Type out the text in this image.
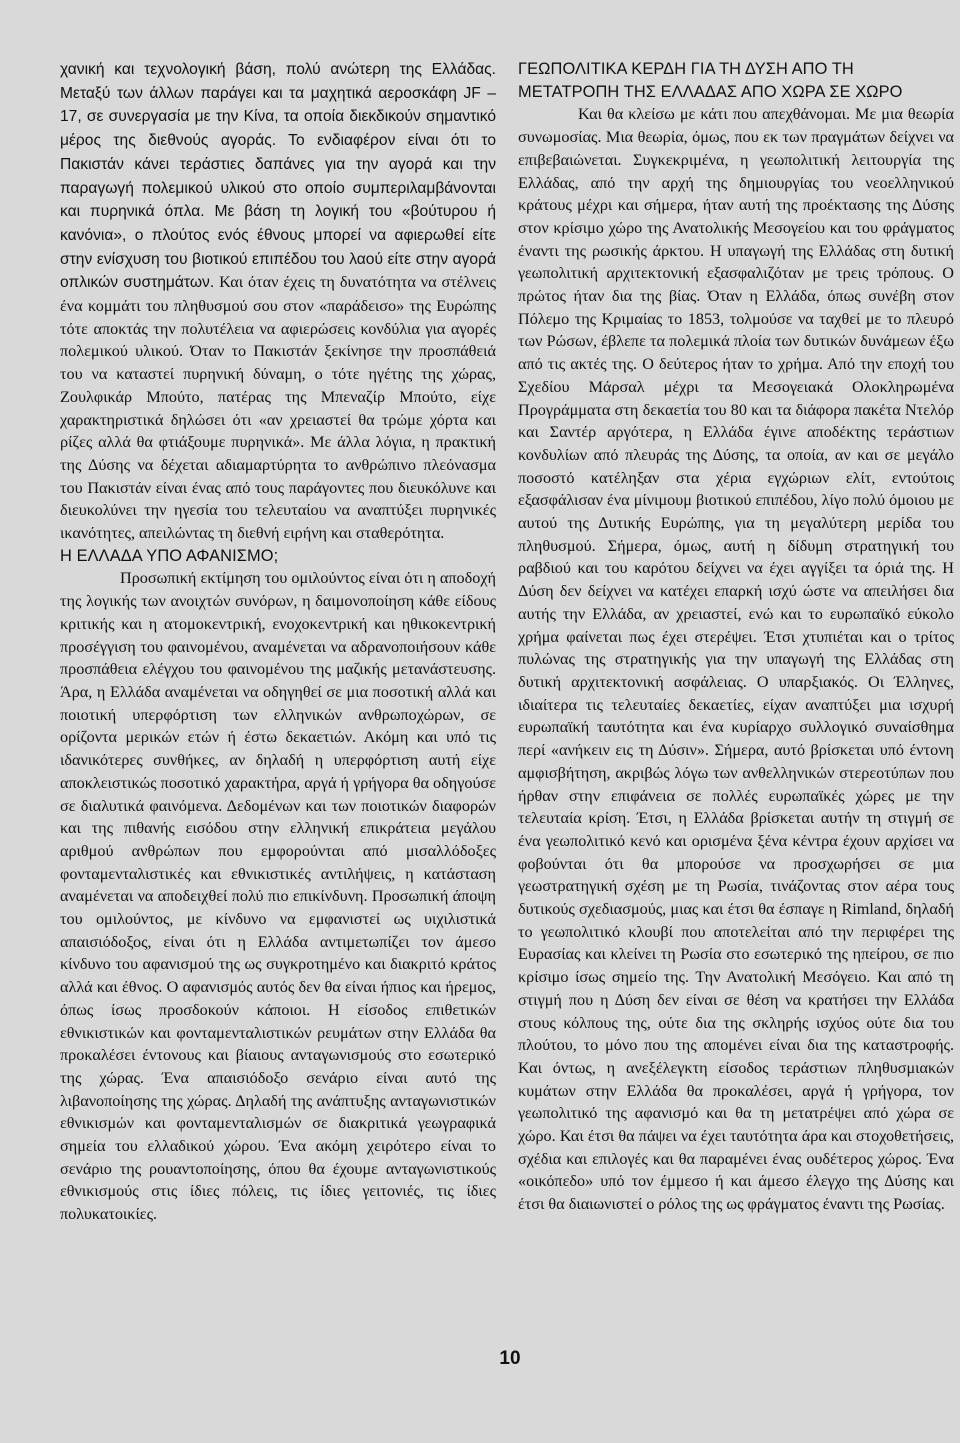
χανική και τεχνολογική βάση, πολύ ανώτερη της Ελλάδας. Μεταξύ των άλλων παράγει και τα μαχητικά αεροσκάφη JF – 17, σε συνεργασία με την Κίνα, τα οποία διεκδικούν σημαντικό μέρος της διεθνούς αγοράς. Το ενδιαφέρον είναι ότι το Πακιστάν κάνει τεράστιες δαπάνες για την αγορά και την παραγωγή πολεμικού υλικού στο οποίο συμπεριλαμβάνονται και πυρηνικά όπλα. Με βάση τη λογική του «βούτυρου ή κανόνια», ο πλούτος ενός έθνους μπορεί να αφιερωθεί είτε στην ενίσχυση του βιοτικού επιπέδου του λαού είτε στην αγορά οπλικών συστημάτων. Και όταν έχεις τη δυνατότητα να στέλνεις ένα κομμάτι του πληθυσμού σου στον «παράδεισο» της Ευρώπης τότε αποκτάς την πολυτέλεια να αφιερώσεις κονδύλια για αγορές πολεμικού υλικού. Όταν το Πακιστάν ξεκίνησε την προσπάθειά του να καταστεί πυρηνική δύναμη, ο τότε ηγέτης της χώρας, Ζουλφικάρ Μπούτο, πατέρας της Μπεναζίρ Μπούτο, είχε χαρακτηριστικά δηλώσει ότι «αν χρειαστεί θα τρώμε χόρτα και ρίζες αλλά θα φτιάξουμε πυρηνικά». Με άλλα λόγια, η πρακτική της Δύσης να δέχεται αδιαμαρτύρητα το ανθρώπινο πλεόνασμα του Πακιστάν είναι ένας από τους παράγοντες που διευκόλυνε και διευκολύνει την ηγεσία του τελευταίου να αναπτύξει πυρηνικές ικανότητες, απειλώντας τη διεθνή ειρήνη και σταθερότητα.

Η ΕΛΛΑΔΑ ΥΠΟ ΑΦΑΝΙΣΜΟ;

Προσωπική εκτίμηση του ομιλούντος είναι ότι η αποδοχή της λογικής των ανοιχτών συνόρων, η δαιμονοποίηση κάθε είδους κριτικής και η ατομοκεντρική, ενοχοκεντρική και ηθικοκεντρική προσέγγιση του φαινομένου, αναμένεται να αδρανοποιήσουν κάθε προσπάθεια ελέγχου του φαινομένου της μαζικής μετανάστευσης. Άρα, η Ελλάδα αναμένεται να οδηγηθεί σε μια ποσοτική αλλά και ποιοτική υπερφόρτιση των ελληνικών ανθρωποχώρων, σε ορίζοντα μερικών ετών ή έστω δεκαετιών. Ακόμη και υπό τις ιδανικότερες συνθήκες, αν δηλαδή η υπερφόρτιση αυτή είχε αποκλειστικώς ποσοτικό χαρακτήρα, αργά ή γρήγορα θα οδηγούσε σε διαλυτικά φαινόμενα. Δεδομένων και των ποιοτικών διαφορών και της πιθανής εισόδου στην ελληνική επικράτεια μεγάλου αριθμού ανθρώπων που εμφορούνται από μισαλλόδοξες φονταμενταλιστικές και εθνικιστικές αντιλήψεις, η κατάσταση αναμένεται να αποδειχθεί πολύ πιο επικίνδυνη. Προσωπική άποψη του ομιλούντος, με κίνδυνο να εμφανιστεί ως υιχιλιστικά απαισιόδοξος, είναι ότι η Ελλάδα αντιμετωπίζει τον άμεσο κίνδυνο του αφανισμού της ως συγκροτημένο και διακριτό κράτος αλλά και έθνος. Ο αφανισμός αυτός δεν θα είναι ήπιος και ήρεμος, όπως ίσως προσδοκούν κάποιοι. Η είσοδος επιθετικών εθνικιστικών και φονταμενταλιστικών ρευμάτων στην Ελλάδα θα προκαλέσει έντονους και βίαιους ανταγωνισμούς στο εσωτερικό της χώρας. Ένα απαισιόδοξο σενάριο είναι αυτό της λιβανοποίησης της χώρας. Δηλαδή της ανάπτυξης ανταγωνιστικών εθνικισμών και φονταμενταλισμών σε διακριτικά γεωγραφικά σημεία του ελλαδικού χώρου. Ένα ακόμη χειρότερο είναι το σενάριο της ρουαντοποίησης, όπου θα έχουμε ανταγωνιστικούς εθνικισμούς στις ίδιες πόλεις, τις ίδιες γειτονιές, τις ίδιες πολυκατοικίες.

ΓΕΩΠΟΛΙΤΙΚΑ ΚΕΡΔΗ ΓΙΑ ΤΗ ΔΥΣΗ ΑΠΟ ΤΗ ΜΕΤΑΤΡΟΠΗ ΤΗΣ ΕΛΛΑΔΑΣ ΑΠΟ ΧΩΡΑ ΣΕ ΧΩΡΟ

Και θα κλείσω με κάτι που απεχθάνομαι. Με μια θεωρία συνωμοσίας. Μια θεωρία, όμως, που εκ των πραγμάτων δείχνει να επιβεβαιώνεται. Συγκεκριμένα, η γεωπολιτική λειτουργία της Ελλάδας, από την αρχή της δημιουργίας του νεοελληνικού κράτους μέχρι και σήμερα, ήταν αυτή της προέκτασης της Δύσης στον κρίσιμο χώρο της Ανατολικής Μεσογείου και του φράγματος έναντι της ρωσικής άρκτου. Η υπαγωγή της Ελλάδας στη δυτική γεωπολιτική αρχιτεκτονική εξασφαλιζόταν με τρεις τρόπους. Ο πρώτος ήταν δια της βίας. Όταν η Ελλάδα, όπως συνέβη στον Πόλεμο της Κριμαίας το 1853, τολμούσε να ταχθεί με το πλευρό των Ρώσων, έβλεπε τα πολεμικά πλοία των δυτικών δυνάμεων έξω από τις ακτές της. Ο δεύτερος ήταν το χρήμα. Από την εποχή του Σχεδίου Μάρσαλ μέχρι τα Μεσογειακά Ολοκληρωμένα Προγράμματα στη δεκαετία του 80 και τα διάφορα πακέτα Ντελόρ και Σαντέρ αργότερα, η Ελλάδα έγινε αποδέκτης τεράστιων κονδυλίων από πλευράς της Δύσης, τα οποία, αν και σε μεγάλο ποσοστό κατέληξαν στα χέρια εγχώριων ελίτ, εντούτοις εξασφάλισαν ένα μίνιμουμ βιοτικού επιπέδου, λίγο πολύ όμοιου με αυτού της Δυτικής Ευρώπης, για τη μεγαλύτερη μερίδα του πληθυσμού. Σήμερα, όμως, αυτή η δίδυμη στρατηγική του ραβδιού και του καρότου δείχνει να έχει αγγίξει τα όριά της. Η Δύση δεν δείχνει να κατέχει επαρκή ισχύ ώστε να απειλήσει δια αυτής την Ελλάδα, αν χρειαστεί, ενώ και το ευρωπαϊκό εύκολο χρήμα φαίνεται πως έχει στερέψει. Έτσι χτυπιέται και ο τρίτος πυλώνας της στρατηγικής για την υπαγωγή της Ελλάδας στη δυτική αρχιτεκτονική ασφάλειας. Ο υπαρξιακός. Οι Έλληνες, ιδιαίτερα τις τελευταίες δεκαετίες, είχαν αναπτύξει μια ισχυρή ευρωπαϊκή ταυτότητα και ένα κυρίαρχο συλλογικό συναίσθημα περί «ανήκειν εις τη Δύσιν». Σήμερα, αυτό βρίσκεται υπό έντονη αμφισβήτηση, ακριβώς λόγω των ανθελληνικών στερεοτύπων που ήρθαν στην επιφάνεια σε πολλές ευρωπαϊκές χώρες με την τελευταία κρίση. Έτσι, η Ελλάδα βρίσκεται αυτήν τη στιγμή σε ένα γεωπολιτικό κενό και ορισμένα ξένα κέντρα έχουν αρχίσει να φοβούνται ότι θα μπορούσε να προσχωρήσει σε μια γεωστρατηγική σχέση με τη Ρωσία, τινάζοντας στον αέρα τους δυτικούς σχεδιασμούς, μιας και έτσι θα έσπαγε η Rimland, δηλαδή το γεωπολιτικό κλουβί που αποτελείται από την περιφέρει της Ευρασίας και κλείνει τη Ρωσία στο εσωτερικό της ηπείρου, σε πιο κρίσιμο ίσως σημείο της. Την Ανατολική Μεσόγειο. Και από τη στιγμή που η Δύση δεν είναι σε θέση να κρατήσει την Ελλάδα στους κόλπους της, ούτε δια της σκληρής ισχύος ούτε δια του πλούτου, το μόνο που της απομένει είναι δια της καταστροφής. Και όντως, η ανεξέλεγκτη είσοδος τεράστιων πληθυσμιακών κυμάτων στην Ελλάδα θα προκαλέσει, αργά ή γρήγορα, τον γεωπολιτικό της αφανισμό και θα τη μετατρέψει από χώρα σε χώρο. Και έτσι θα πάψει να έχει ταυτότητα άρα και στοχοθετήσεις, σχέδια και επιλογές και θα παραμένει ένας ουδέτερος χώρος. Ένα «οικόπεδο» υπό τον έμμεσο ή και άμεσο έλεγχο της Δύσης και έτσι θα διαιωνιστεί ο ρόλος της ως φράγματος έναντι της Ρωσίας.

10
